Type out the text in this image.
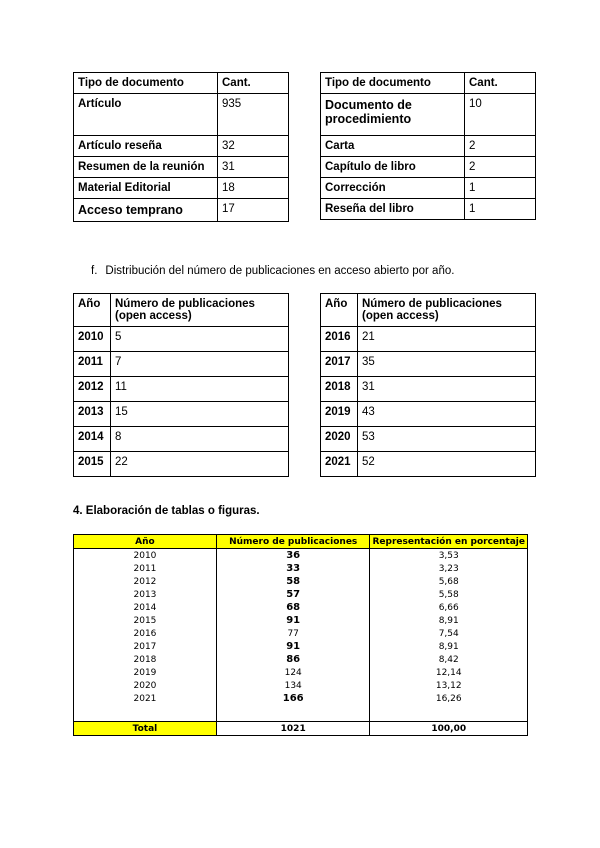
Tipo de documento	Cant.
Artículo	935
Artículo reseña	32
Resumen de la reunión	31
Material Editorial	18
Acceso temprano	17
Tipo de documento	Cant.
Documento de procedimiento	10
Carta	2
Capítulo de libro	2
Corrección	1
Reseña del libro	1
f. Distribución del número de publicaciones en acceso abierto por año.
Año	Número de publicaciones (open access)
2010	5
2011	7
2012	11
2013	15
2014	8
2015	22
Año	Número de publicaciones (open access)
2016	21
2017	35
2018	31
2019	43
2020	53
2021	52
4. Elaboración de tablas o figuras.
Año	Número de publicaciones	Representación en porcentaje
2010	36	3,53
2011	33	3,23
2012	58	5,68
2013	57	5,58
2014	68	6,66
2015	91	8,91
2016	77	7,54
2017	91	8,91
2018	86	8,42
2019	124	12,14
2020	134	13,12
2021	166	16,26

Total	1021	100,00
